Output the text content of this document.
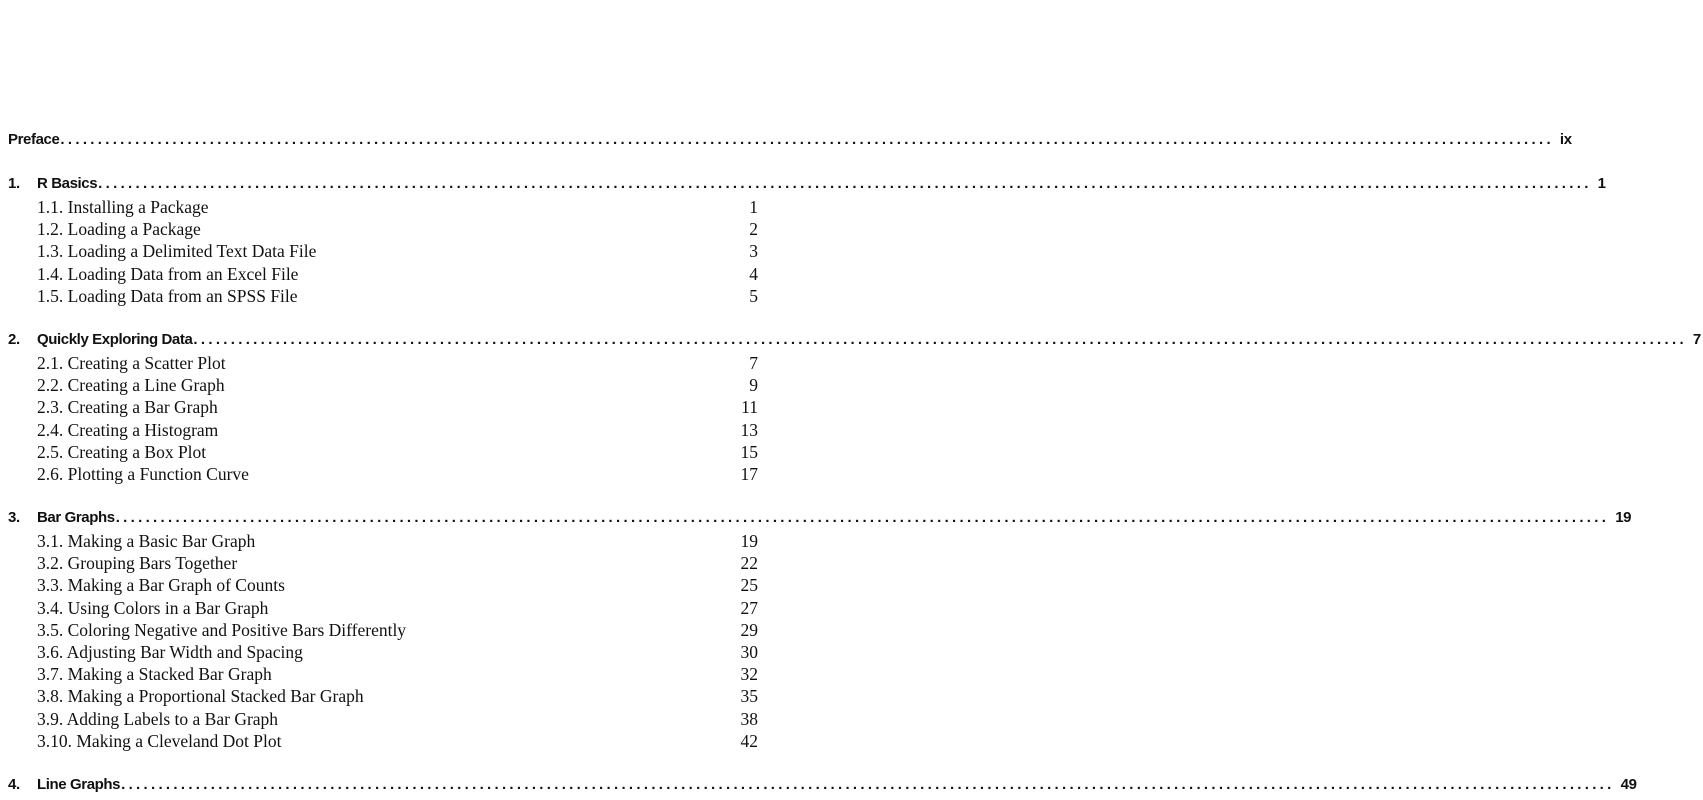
Preface ........................................................................................................................................................................................................ ix
1.	R Basics ........................................................................................................................................................................................................ 1
1.1. Installing a Package	1
1.2. Loading a Package	2
1.3. Loading a Delimited Text Data File	3
1.4. Loading Data from an Excel File	4
1.5. Loading Data from an SPSS File	5
2.	Quickly Exploring Data ........................................................................................................................................................................................................ 7
2.1. Creating a Scatter Plot	7
2.2. Creating a Line Graph	9
2.3. Creating a Bar Graph	11
2.4. Creating a Histogram	13
2.5. Creating a Box Plot	15
2.6. Plotting a Function Curve	17
3.	Bar Graphs ........................................................................................................................................................................................................ 19
3.1. Making a Basic Bar Graph	19
3.2. Grouping Bars Together	22
3.3. Making a Bar Graph of Counts	25
3.4. Using Colors in a Bar Graph	27
3.5. Coloring Negative and Positive Bars Differently	29
3.6. Adjusting Bar Width and Spacing	30
3.7. Making a Stacked Bar Graph	32
3.8. Making a Proportional Stacked Bar Graph	35
3.9. Adding Labels to a Bar Graph	38
3.10. Making a Cleveland Dot Plot	42
4.	Line Graphs ........................................................................................................................................................................................................ 49
